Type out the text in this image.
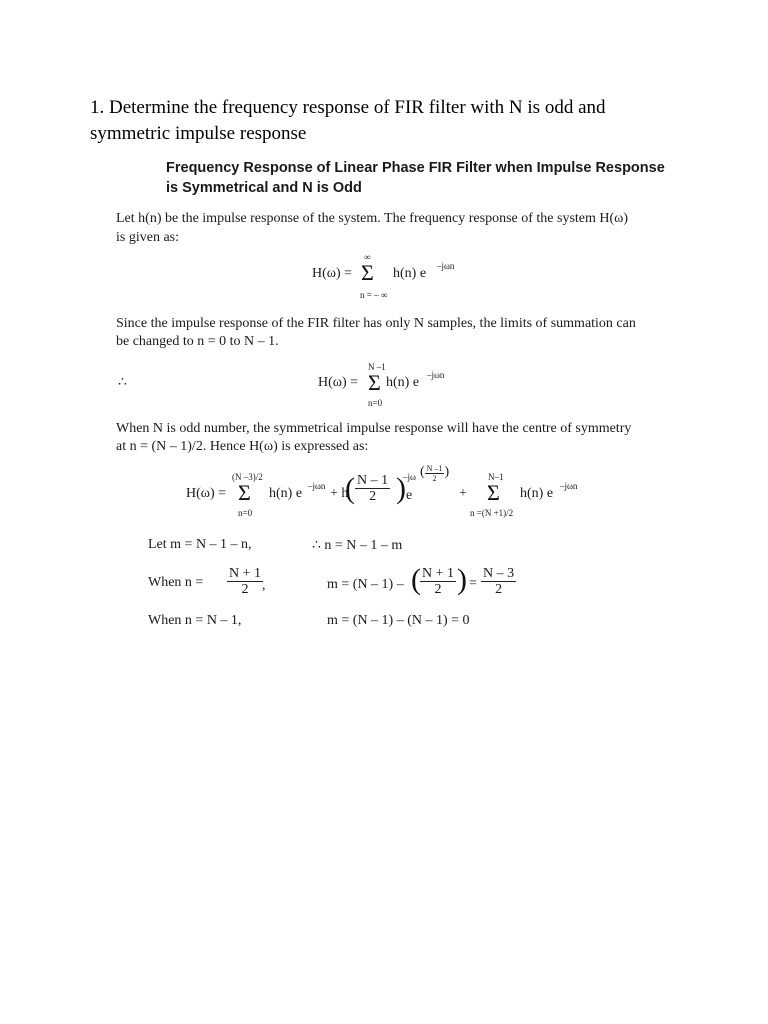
1. Determine the frequency response of FIR filter with N is odd and
symmetric impulse response
Frequency Response of Linear Phase FIR Filter when Impulse Response
is Symmetrical and N is Odd
Let h(n) be the impulse response of the system. The frequency response of the system H(ω)
is given as:
H(ω) =
∞
Σ
n = – ∞
h(n) e –jωn
Since the impulse response of the FIR filter has only N samples, the limits of summation can
be changed to n = 0 to N – 1.
∴	H(ω) =
N –1
Σ
n=0
h(n) e –jωn
When N is odd number, the symmetrical impulse response will have the centre of symmetry
at n = (N – 1)/2. Hence H(ω) is expressed as:
H(ω) =
(N –3)/2
Σ
n=0
h(n) e –jωn + h
( $\frac{N - 1}{2}$ ) e
–jω ( $\frac{N -1}{2}$ )
+
N–1
Σ
n =(N +1)/2
h(n) e –jωn
Let m = N – 1 – n,	∴ n = N – 1 – m
When $n = \frac{N + 1}{2}$
,	m = (N – 1) – ( $\frac{N + 1}{2}$ ) = $\frac{N - 3}{2}$
When n = N – 1,	m = (N – 1) – (N – 1) = 0
